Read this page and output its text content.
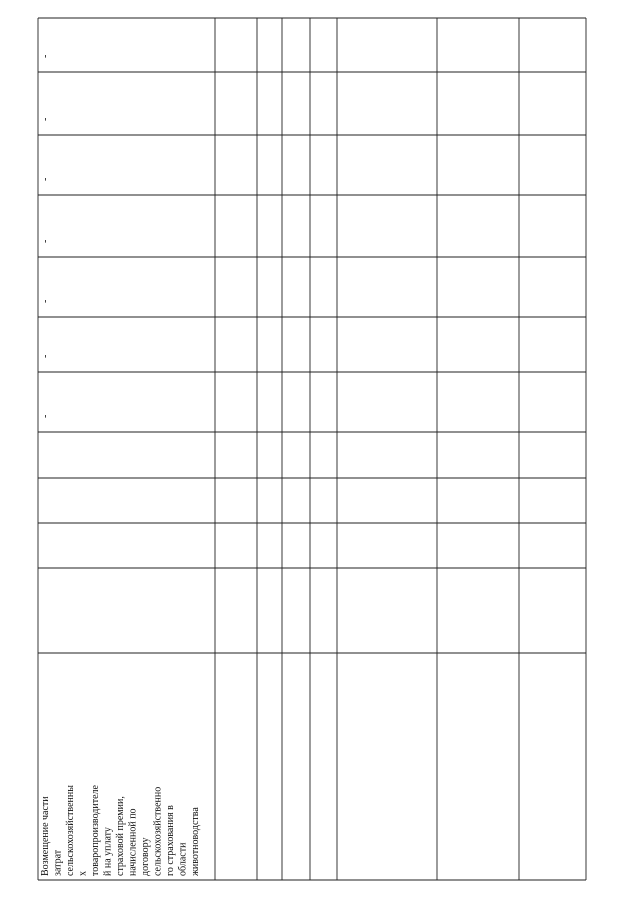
Возмещение части затрат сельскохозяйственны х товаропроизводителе й на уплату страховой премии, начисленной по договору сельскохозяйственно го страхования в области животноводства
-
-
-
-
-
-
-
